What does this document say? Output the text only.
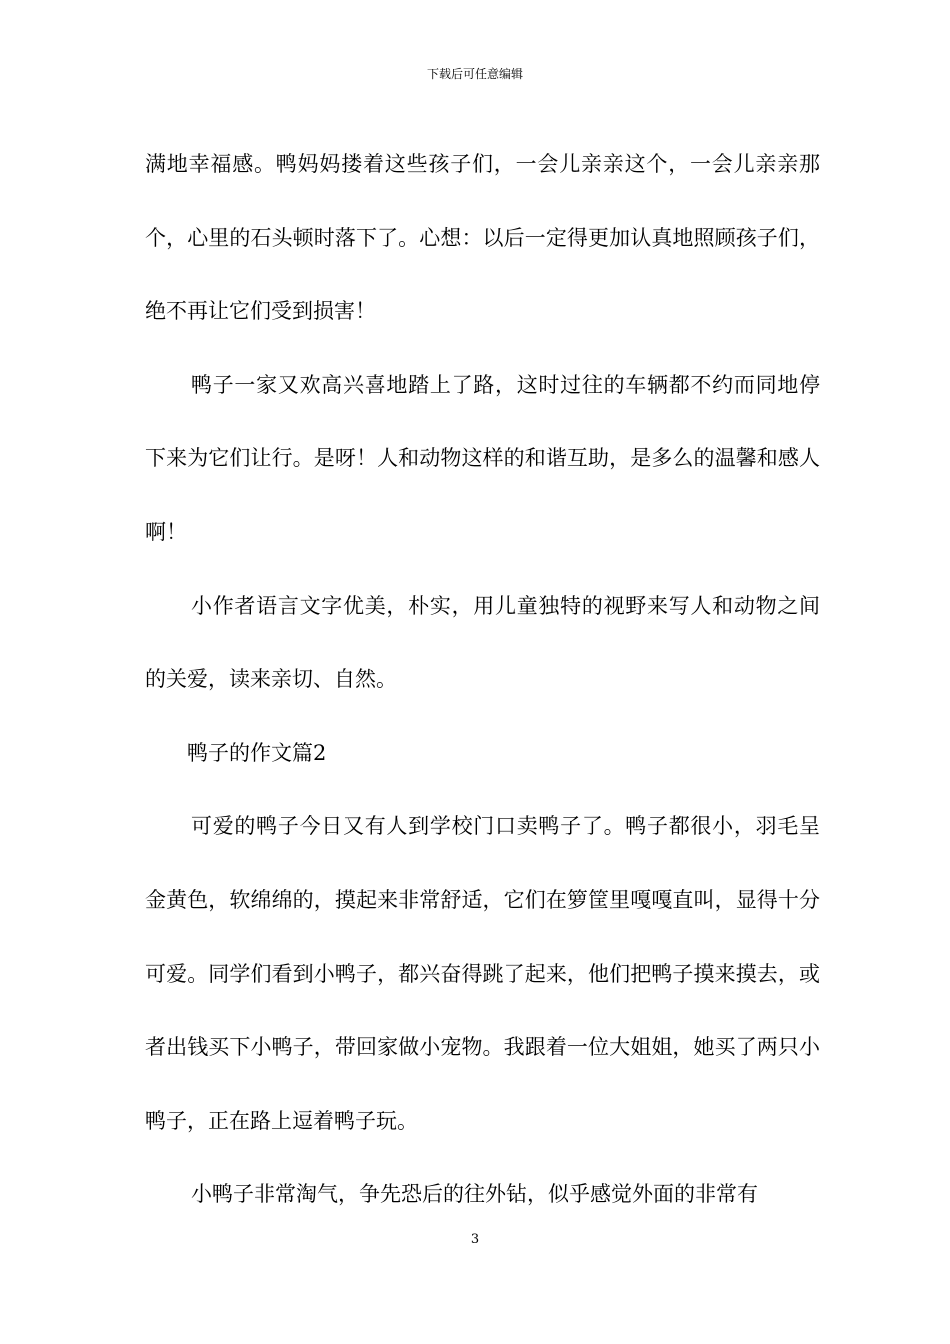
下载后可任意编辑

满地幸福感。鸭妈妈搂着这些孩子们，一会儿亲亲这个，一会儿亲亲那个，心里的石头顿时落下了。心想：以后一定得更加认真地照顾孩子们，绝不再让它们受到损害！

鸭子一家又欢高兴喜地踏上了路，这时过往的车辆都不约而同地停下来为它们让行。是呀！人和动物这样的和谐互助，是多么的温馨和感人啊！

小作者语言文字优美，朴实，用儿童独特的视野来写人和动物之间的关爱，读来亲切、自然。

鸭子的作文篇2

可爱的鸭子今日又有人到学校门口卖鸭子了。鸭子都很小，羽毛呈金黄色，软绵绵的，摸起来非常舒适，它们在箩筐里嘎嘎直叫，显得十分可爱。同学们看到小鸭子，都兴奋得跳了起来，他们把鸭子摸来摸去，或者出钱买下小鸭子，带回家做小宠物。我跟着一位大姐姐，她买了两只小鸭子，正在路上逗着鸭子玩。

小鸭子非常淘气，争先恐后的往外钻，似乎感觉外面的非常有

3
